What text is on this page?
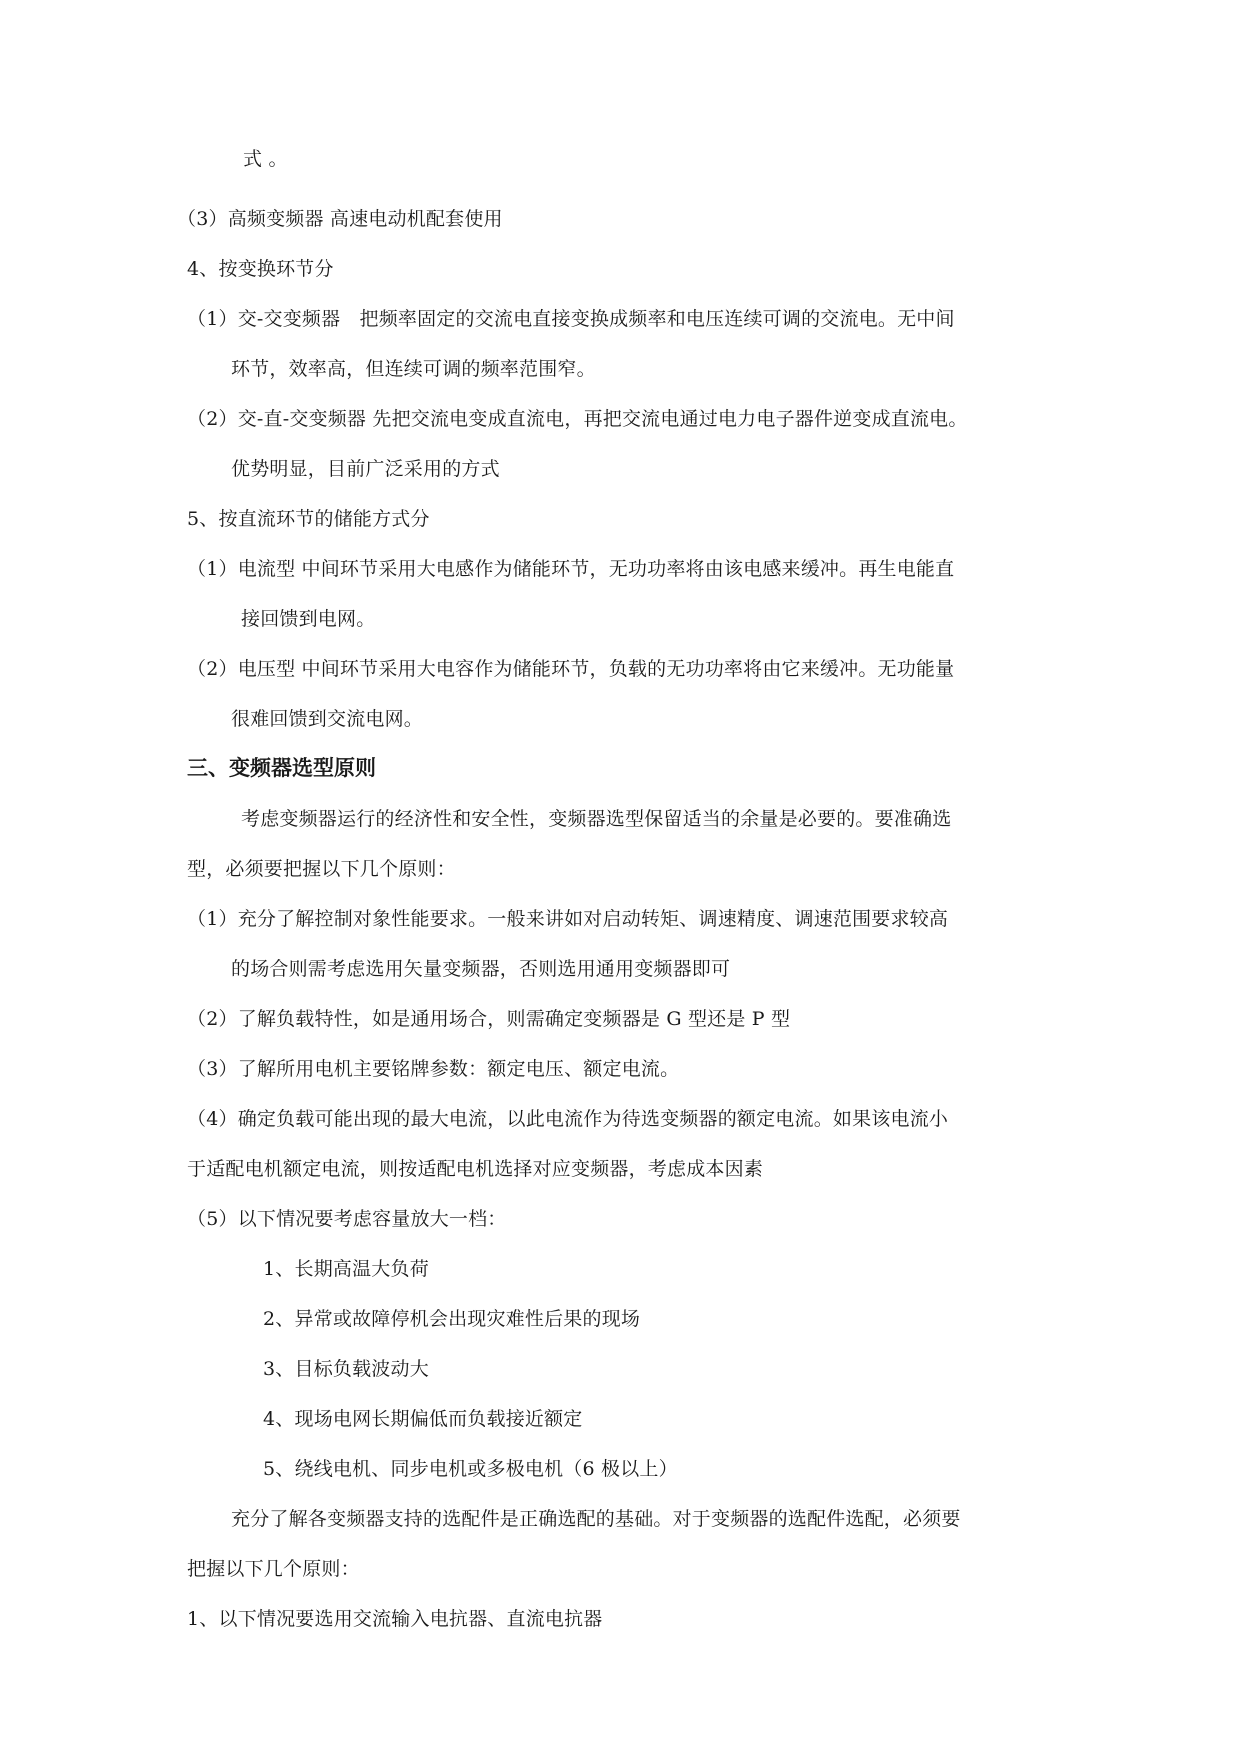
式 。
（3）高频变频器 高速电动机配套使用
4、按变换环节分
（1）交-交变频器　把频率固定的交流电直接变换成频率和电压连续可调的交流电。无中间
环节，效率高，但连续可调的频率范围窄。
（2）交-直-交变频器 先把交流电变成直流电，再把交流电通过电力电子器件逆变成直流电。
优势明显，目前广泛采用的方式
5、按直流环节的储能方式分
（1）电流型 中间环节采用大电感作为储能环节，无功功率将由该电感来缓冲。再生电能直
接回馈到电网。
（2）电压型 中间环节采用大电容作为储能环节，负载的无功功率将由它来缓冲。无功能量
很难回馈到交流电网。
三、变频器选型原则
考虑变频器运行的经济性和安全性，变频器选型保留适当的余量是必要的。要准确选
型，必须要把握以下几个原则：
（1）充分了解控制对象性能要求。一般来讲如对启动转矩、调速精度、调速范围要求较高
的场合则需考虑选用矢量变频器，否则选用通用变频器即可
（2）了解负载特性，如是通用场合，则需确定变频器是 G 型还是 P 型
（3）了解所用电机主要铭牌参数：额定电压、额定电流。
（4）确定负载可能出现的最大电流，以此电流作为待选变频器的额定电流。如果该电流小
于适配电机额定电流，则按适配电机选择对应变频器，考虑成本因素
（5）以下情况要考虑容量放大一档：
1、长期高温大负荷
2、异常或故障停机会出现灾难性后果的现场
3、目标负载波动大
4、现场电网长期偏低而负载接近额定
5、绕线电机、同步电机或多极电机（6 极以上）
充分了解各变频器支持的选配件是正确选配的基础。对于变频器的选配件选配，必须要
把握以下几个原则：
1、以下情况要选用交流输入电抗器、直流电抗器
